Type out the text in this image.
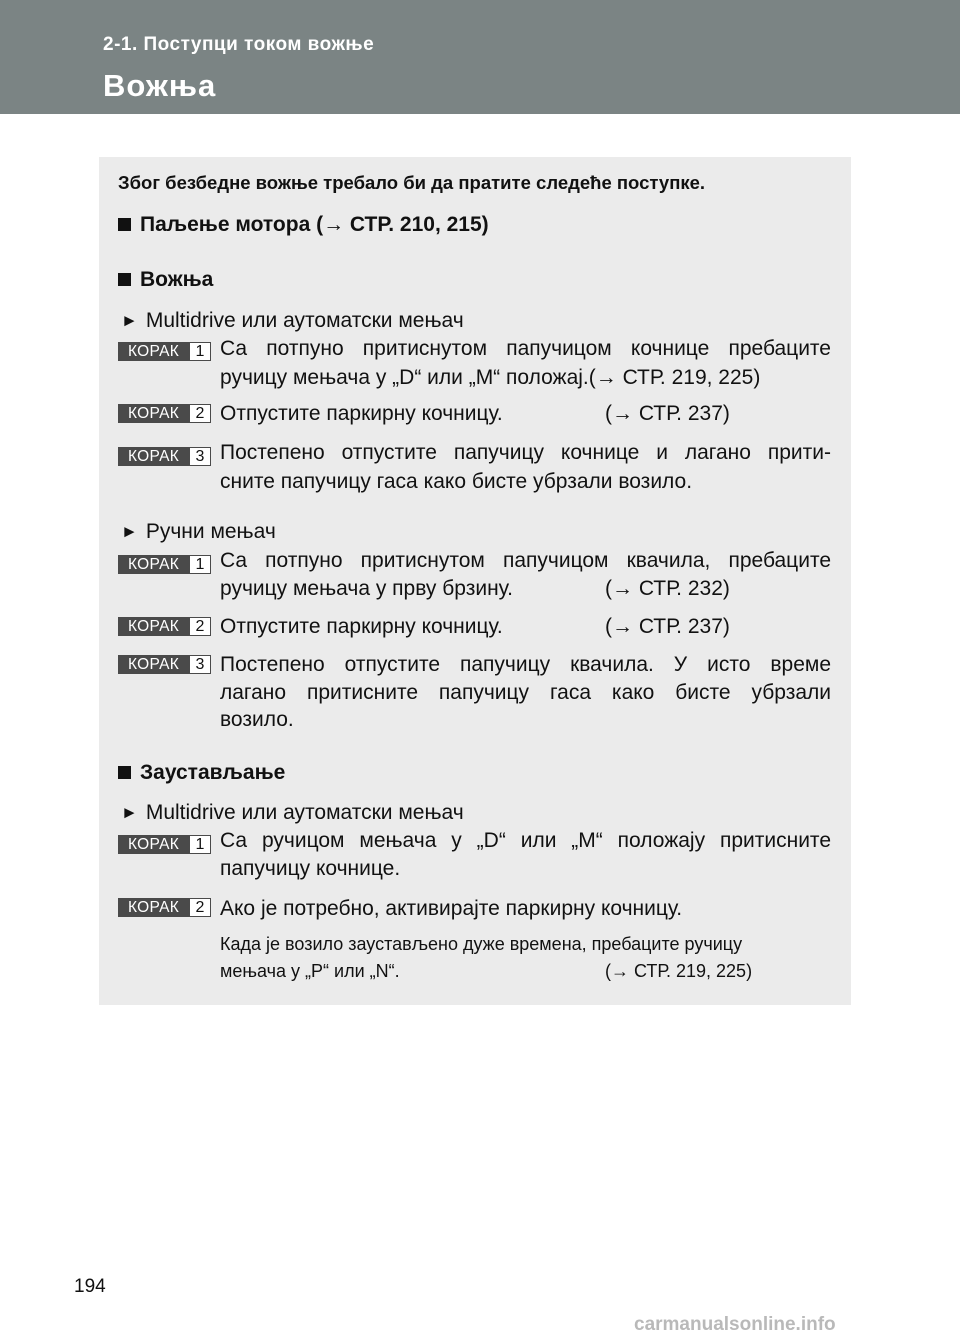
2-1. Поступци током вожње
Вожња
Због безбедне вожње требало би да пратите следеће поступке.
Паљење мотора (→ СТР. 210, 215)
Вожња
► Multidrive или аутоматски мењач
КОРАК	1 Са потпуно притиснутом папучицом кочнице пребаците
ручицу мењача у „D“ или „M“ положај.(→ СТР. 219, 225)
КОРАК	2 Отпустите паркирну кочницу.	(→ СТР. 237)
КОРАК	3 Постепено отпустите папучицу кочнице и лагано прити-
сните папучицу гаса како бисте убрзали возило.
► Ручни мењач
КОРАК	1 Са потпуно притиснутом папучицом квачила, пребаците
ручицу мењача у прву брзину.	(→ СТР. 232)
КОРАК	2 Отпустите паркирну кочницу.	(→ СТР. 237)
КОРАК	3 Постепено отпустите папучицу квачила. У исто време
лагано притисните папучицу гаса како бисте убрзали
возило.
Заустављање
► Multidrive или аутоматски мењач
КОРАК	1 Са ручицом мењача у „D“ или „M“ положају притисните
папучицу кочнице.
КОРАК	2 Ако је потребно, активирајте паркирну кочницу.
Када је возило заустављено дуже времена, пребаците ручицу
мењача у „P“ или „N“.	(→ СТР. 219, 225)
194
carmanualsonline.info
